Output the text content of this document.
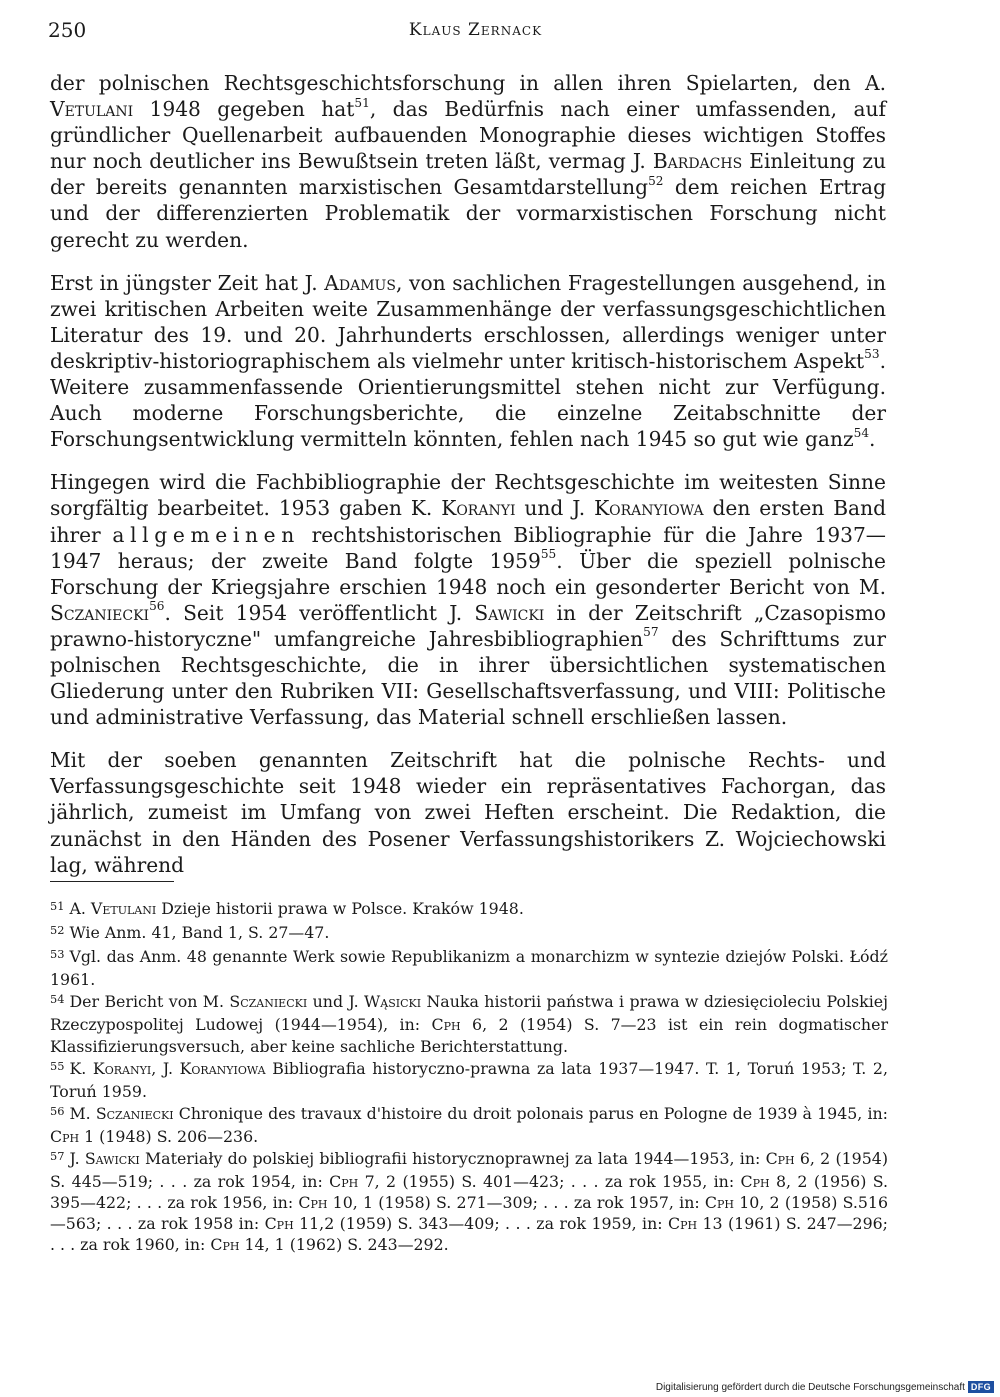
250	Klaus Zernack

der polnischen Rechtsgeschichtsforschung in allen ihren Spielarten, den A. Vetulani 1948 gegeben hat$^{51}$, das Bedürfnis nach einer umfassenden, auf gründlicher Quellenarbeit aufbauenden Monographie dieses wichtigen Stoffes nur noch deutlicher ins Bewußtsein treten läßt, vermag J. Bardachs Einleitung zu der bereits genannten marxistischen Gesamtdarstellung$^{52}$ dem reichen Ertrag und der differenzierten Problematik der vormarxistischen Forschung nicht gerecht zu werden.

Erst in jüngster Zeit hat J. Adamus, von sachlichen Fragestellungen ausgehend, in zwei kritischen Arbeiten weite Zusammenhänge der verfassungsgeschichtlichen Literatur des 19. und 20. Jahrhunderts erschlossen, allerdings weniger unter deskriptiv-historiographischem als vielmehr unter kritisch-historischem Aspekt$^{53}$. Weitere zusammenfassende Orientierungsmittel stehen nicht zur Verfügung. Auch moderne Forschungsberichte, die einzelne Zeitabschnitte der Forschungsentwicklung vermitteln könnten, fehlen nach 1945 so gut wie ganz$^{54}$.

Hingegen wird die Fachbibliographie der Rechtsgeschichte im weitesten Sinne sorgfältig bearbeitet. 1953 gaben K. Koranyi und J. Koranyiowa den ersten Band ihrer allgemeinen rechtshistorischen Bibliographie für die Jahre 1937—1947 heraus; der zweite Band folgte 1959$^{55}$. Über die speziell polnische Forschung der Kriegsjahre erschien 1948 noch ein gesonderter Bericht von M. Sczaniecki$^{56}$. Seit 1954 veröffentlicht J. Sawicki in der Zeitschrift „Czasopismo prawno-historyczne" umfangreiche Jahresbibliographien$^{57}$ des Schrifttums zur polnischen Rechtsgeschichte, die in ihrer übersichtlichen systematischen Gliederung unter den Rubriken VII: Gesellschaftsverfassung, und VIII: Politische und administrative Verfassung, das Material schnell erschließen lassen.

Mit der soeben genannten Zeitschrift hat die polnische Rechts- und Verfassungsgeschichte seit 1948 wieder ein repräsentatives Fachorgan, das jährlich, zumeist im Umfang von zwei Heften erscheint. Die Redaktion, die zunächst in den Händen des Posener Verfassungshistorikers Z. Wojciechowski lag, während

$^{51}$ A. Vetulani Dzieje historii prawa w Polsce. Kraków 1948.
$^{52}$ Wie Anm. 41, Band 1, S. 27—47.
$^{53}$ Vgl. das Anm. 48 genannte Werk sowie Republikanizm a monarchizm w syntezie dziejów Polski. Łódź 1961.
$^{54}$ Der Bericht von M. Sczaniecki und J. Wąsicki Nauka historii państwa i prawa w dziesięcioleciu Polskiej Rzeczypospolitej Ludowej (1944—1954), in: Cph 6, 2 (1954) S. 7—23 ist ein rein dogmatischer Klassifizierungsversuch, aber keine sachliche Berichterstattung.
$^{55}$ K. Koranyi, J. Koranyiowa Bibliografia historyczno-prawna za lata 1937—1947. T. 1, Toruń 1953; T. 2, Toruń 1959.
$^{56}$ M. Sczaniecki Chronique des travaux d'histoire du droit polonais parus en Pologne de 1939 à 1945, in: Cph 1 (1948) S. 206—236.
$^{57}$ J. Sawicki Materiały do polskiej bibliografii historycznoprawnej za lata 1944—1953, in: Cph 6, 2 (1954) S. 445—519; . . . za rok 1954, in: Cph 7, 2 (1955) S. 401—423; . . . za rok 1955, in: Cph 8, 2 (1956) S. 395—422; . . . za rok 1956, in: Cph 10, 1 (1958) S. 271—309; . . . za rok 1957, in: Cph 10, 2 (1958) S.516—563; . . . za rok 1958 in: Cph 11,2 (1959) S. 343—409; . . . za rok 1959, in: Cph 13 (1961) S. 247—296; . . . za rok 1960, in: Cph 14, 1 (1962) S. 243—292.
Digitalisierung gefördert durch die Deutsche Forschungsgemeinschaft DFG
